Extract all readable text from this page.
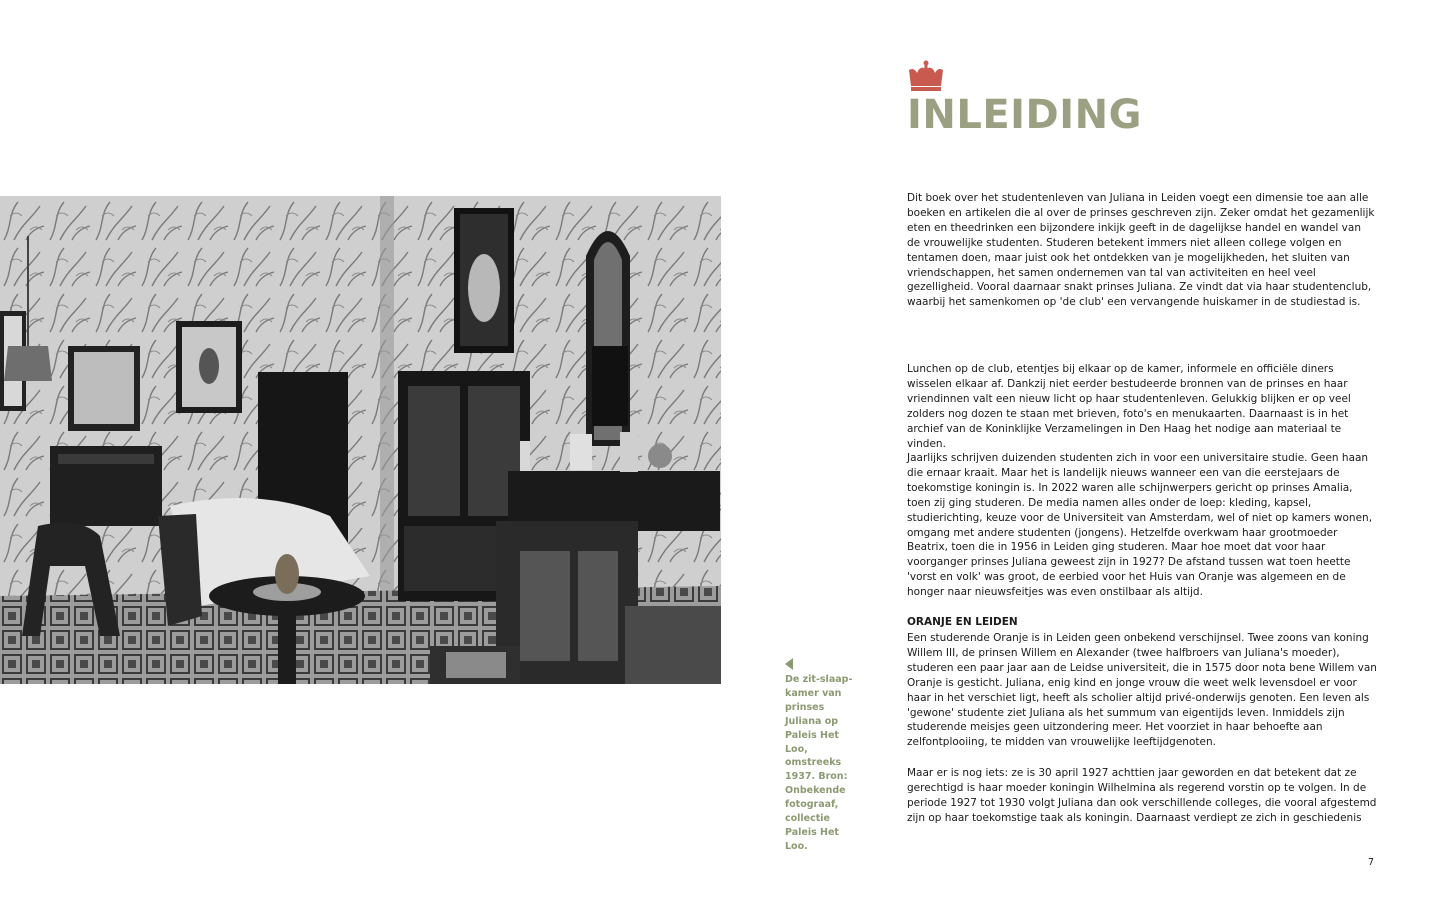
De zit-slaap-kamer van prinses Juliana op Paleis Het Loo, omstreeks 1937. Bron: Onbekende fotograaf, collectie Paleis Het Loo.

INLEIDING

Dit boek over het studentenleven van Juliana in Leiden voegt een dimensie toe aan alle boeken en artikelen die al over de prinses geschreven zijn. Zeker omdat het gezamenlijk eten en theedrinken een bijzondere inkijk geeft in de dagelijkse handel en wandel van de vrouwelijke studenten. Studeren betekent immers niet alleen college volgen en tentamen doen, maar juist ook het ontdekken van je mogelijkheden, het sluiten van vriendschappen, het samen ondernemen van tal van activiteiten en heel veel gezelligheid. Vooral daarnaar snakt prinses Juliana. Ze vindt dat via haar studentenclub, waarbij het samenkomen op 'de club' een vervangende huiskamer in de studiestad is.

Lunchen op de club, etentjes bij elkaar op de kamer, informele en officiële diners wisselen elkaar af. Dankzij niet eerder bestudeerde bronnen van de prinses en haar vriendinnen valt een nieuw licht op haar studentenleven. Gelukkig blijken er op veel zolders nog dozen te staan met brieven, foto's en menukaarten. Daarnaast is in het archief van de Koninklijke Verzamelingen in Den Haag het nodige aan materiaal te vinden.

Jaarlijks schrijven duizenden studenten zich in voor een universitaire studie. Geen haan die ernaar kraait. Maar het is landelijk nieuws wanneer een van die eerstejaars de toekomstige koningin is. In 2022 waren alle schijnwerpers gericht op prinses Amalia, toen zij ging studeren. De media namen alles onder de loep: kleding, kapsel, studierichting, keuze voor de Universiteit van Amsterdam, wel of niet op kamers wonen, omgang met andere studenten (jongens). Hetzelfde overkwam haar grootmoeder Beatrix, toen die in 1956 in Leiden ging studeren. Maar hoe moet dat voor haar voorganger prinses Juliana geweest zijn in 1927? De afstand tussen wat toen heette 'vorst en volk' was groot, de eerbied voor het Huis van Oranje was algemeen en de honger naar nieuwsfeitjes was even onstilbaar als altijd.

ORANJE EN LEIDEN

Een studerende Oranje is in Leiden geen onbekend verschijnsel. Twee zoons van koning Willem III, de prinsen Willem en Alexander (twee halfbroers van Juliana's moeder), studeren een paar jaar aan de Leidse universiteit, die in 1575 door nota bene Willem van Oranje is gesticht. Juliana, enig kind en jonge vrouw die weet welk levensdoel er voor haar in het verschiet ligt, heeft als scholier altijd privé-onderwijs genoten. Een leven als 'gewone' studente ziet Juliana als het summum van eigentijds leven. Inmiddels zijn studerende meisjes geen uitzondering meer. Het voorziet in haar behoefte aan zelfontplooiing, te midden van vrouwelijke leeftijdgenoten.

Maar er is nog iets: ze is 30 april 1927 achttien jaar geworden en dat betekent dat ze gerechtigd is haar moeder koningin Wilhelmina als regerend vorstin op te volgen. In de periode 1927 tot 1930 volgt Juliana dan ook verschillende colleges, die vooral afgestemd zijn op haar toekomstige taak als koningin. Daarnaast verdiept ze zich in geschiedenis

7
